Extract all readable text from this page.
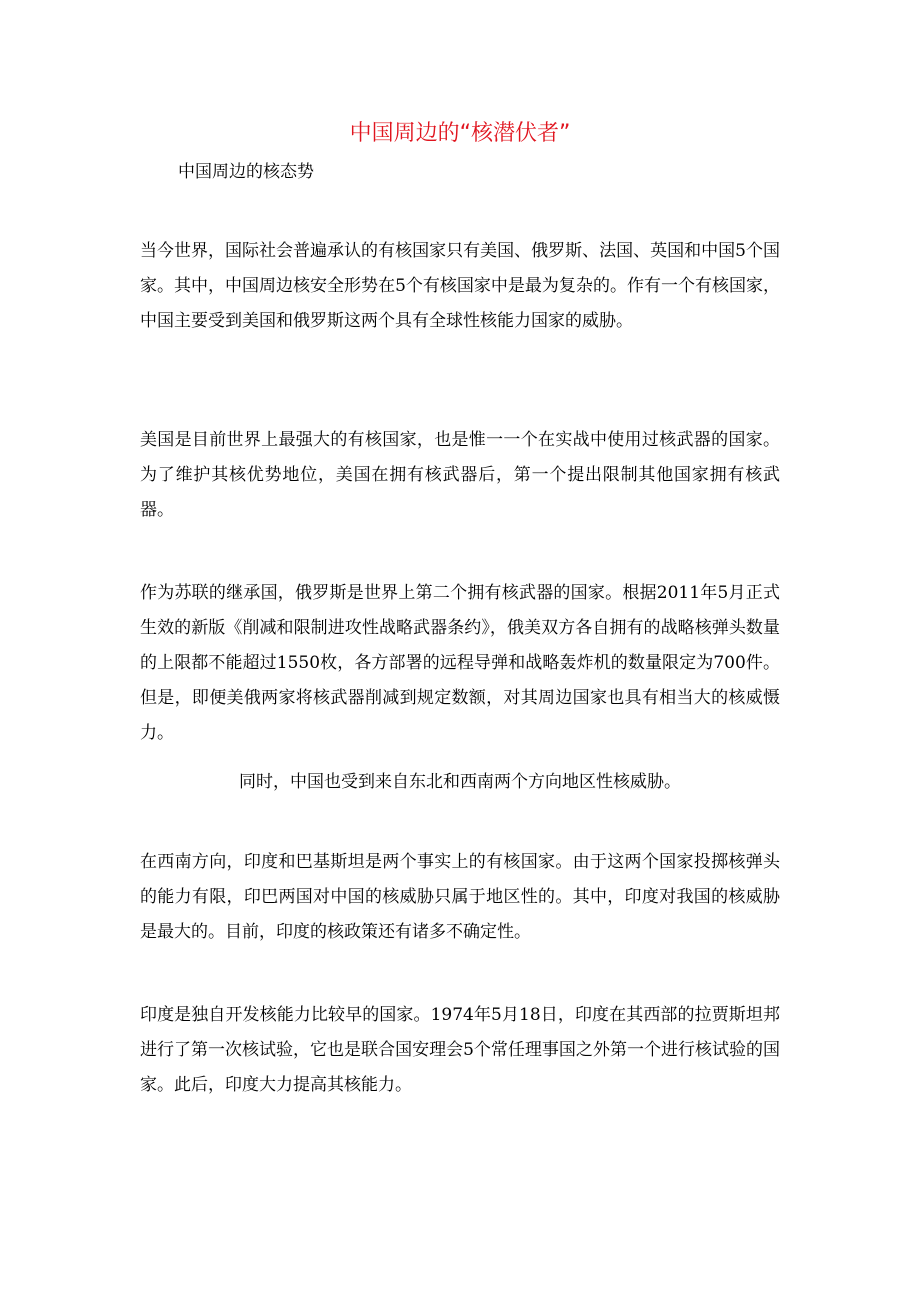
中国周边的“核潜伏者”

中国周边的核态势

当今世界，国际社会普遍承认的有核国家只有美国、俄罗斯、法国、英国和中国5个国家。其中，中国周边核安全形势在5个有核国家中是最为复杂的。作有一个有核国家，中国主要受到美国和俄罗斯这两个具有全球性核能力国家的威胁。

美国是目前世界上最强大的有核国家，也是惟一一个在实战中使用过核武器的国家。为了维护其核优势地位，美国在拥有核武器后，第一个提出限制其他国家拥有核武器。

作为苏联的继承国，俄罗斯是世界上第二个拥有核武器的国家。根据2011年5月正式生效的新版《削减和限制进攻性战略武器条约》，俄美双方各自拥有的战略核弹头数量的上限都不能超过1550枚，各方部署的远程导弹和战略轰炸机的数量限定为700件。但是，即便美俄两家将核武器削减到规定数额，对其周边国家也具有相当大的核威慑力。

同时，中国也受到来自东北和西南两个方向地区性核威胁。

在西南方向，印度和巴基斯坦是两个事实上的有核国家。由于这两个国家投掷核弹头的能力有限，印巴两国对中国的核威胁只属于地区性的。其中，印度对我国的核威胁是最大的。目前，印度的核政策还有诸多不确定性。

印度是独自开发核能力比较早的国家。1974年5月18日，印度在其西部的拉贾斯坦邦进行了第一次核试验，它也是联合国安理会5个常任理事国之外第一个进行核试验的国家。此后，印度大力提高其核能力。
